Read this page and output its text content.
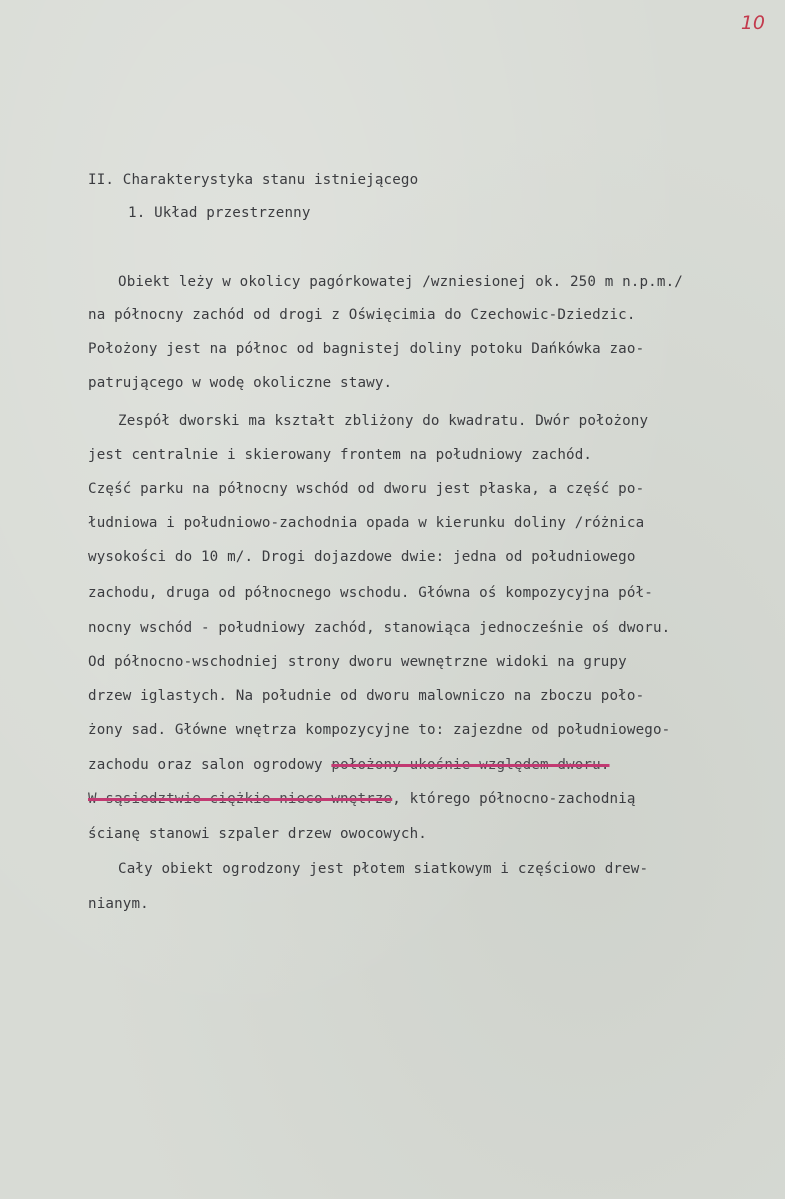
10
II. Charakterystyka stanu istniejącego
1. Układ przestrzenny
Obiekt leży w okolicy pagórkowatej /wzniesionej ok. 250 m n.p.m./
na północny zachód od drogi z Oświęcimia do Czechowic-Dziedzic.
Położony jest na północ od bagnistej doliny potoku Dańkówka zao-
patrującego w wodę okoliczne stawy.
Zespół dworski ma kształt zbliżony do kwadratu. Dwór położony
jest centralnie i skierowany frontem na południowy zachód.
Część parku na północny wschód od dworu jest płaska, a część po-
łudniowa i południowo-zachodnia opada w kierunku doliny /różnica
wysokości do 10 m/. Drogi dojazdowe dwie: jedna od południowego
zachodu, druga od północnego wschodu. Główna oś kompozycyjna pół-
nocny wschód - południowy zachód, stanowiąca jednocześnie oś dworu.
Od północno-wschodniej strony dworu wewnętrzne widoki na grupy
drzew iglastych. Na południe od dworu malowniczo na zboczu poło-
żony sad. Główne wnętrza kompozycyjne to: zajezdne od południowego-
zachodu oraz salon ogrodowy położony ukośnie względem dworu.
W sąsiedztwie ciężkie nieco wnętrze, którego północno-zachodnią
ścianę stanowi szpaler drzew owocowych.
Cały obiekt ogrodzony jest płotem siatkowym i częściowo drew-
nianym.
